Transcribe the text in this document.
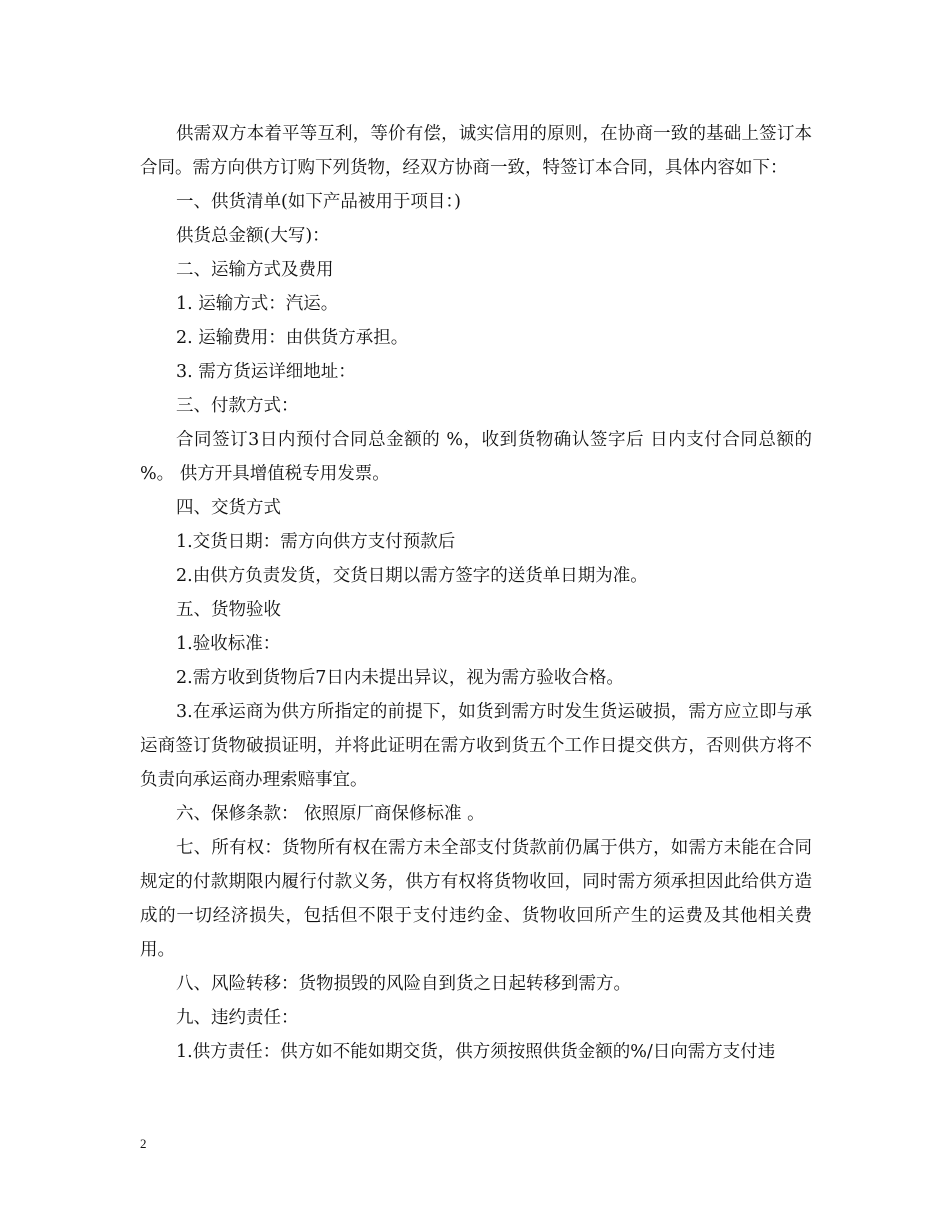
供需双方本着平等互利，等价有偿，诚实信用的原则，在协商一致的基础上签订本合同。需方向供方订购下列货物，经双方协商一致，特签订本合同，具体内容如下：

一、供货清单(如下产品被用于项目：)

供货总金额(大写)：

二、运输方式及费用

1. 运输方式：汽运。

2. 运输费用：由供货方承担。

3. 需方货运详细地址：

三、付款方式：

合同签订3日内预付合同总金额的 %，收到货物确认签字后 日内支付合同总额的 %。 供方开具增值税专用发票。

四、交货方式

1.交货日期：需方向供方支付预款后

2.由供方负责发货，交货日期以需方签字的送货单日期为准。

五、货物验收

1.验收标准：

2.需方收到货物后7日内未提出异议，视为需方验收合格。

3.在承运商为供方所指定的前提下，如货到需方时发生货运破损，需方应立即与承运商签订货物破损证明，并将此证明在需方收到货五个工作日提交供方，否则供方将不负责向承运商办理索赔事宜。

六、保修条款： 依照原厂商保修标准 。

七、所有权：货物所有权在需方未全部支付货款前仍属于供方，如需方未能在合同规定的付款期限内履行付款义务，供方有权将货物收回，同时需方须承担因此给供方造成的一切经济损失，包括但不限于支付违约金、货物收回所产生的运费及其他相关费用。

八、风险转移：货物损毁的风险自到货之日起转移到需方。

九、违约责任：

1.供方责任：供方如不能如期交货，供方须按照供货金额的%/日向需方支付违

2
